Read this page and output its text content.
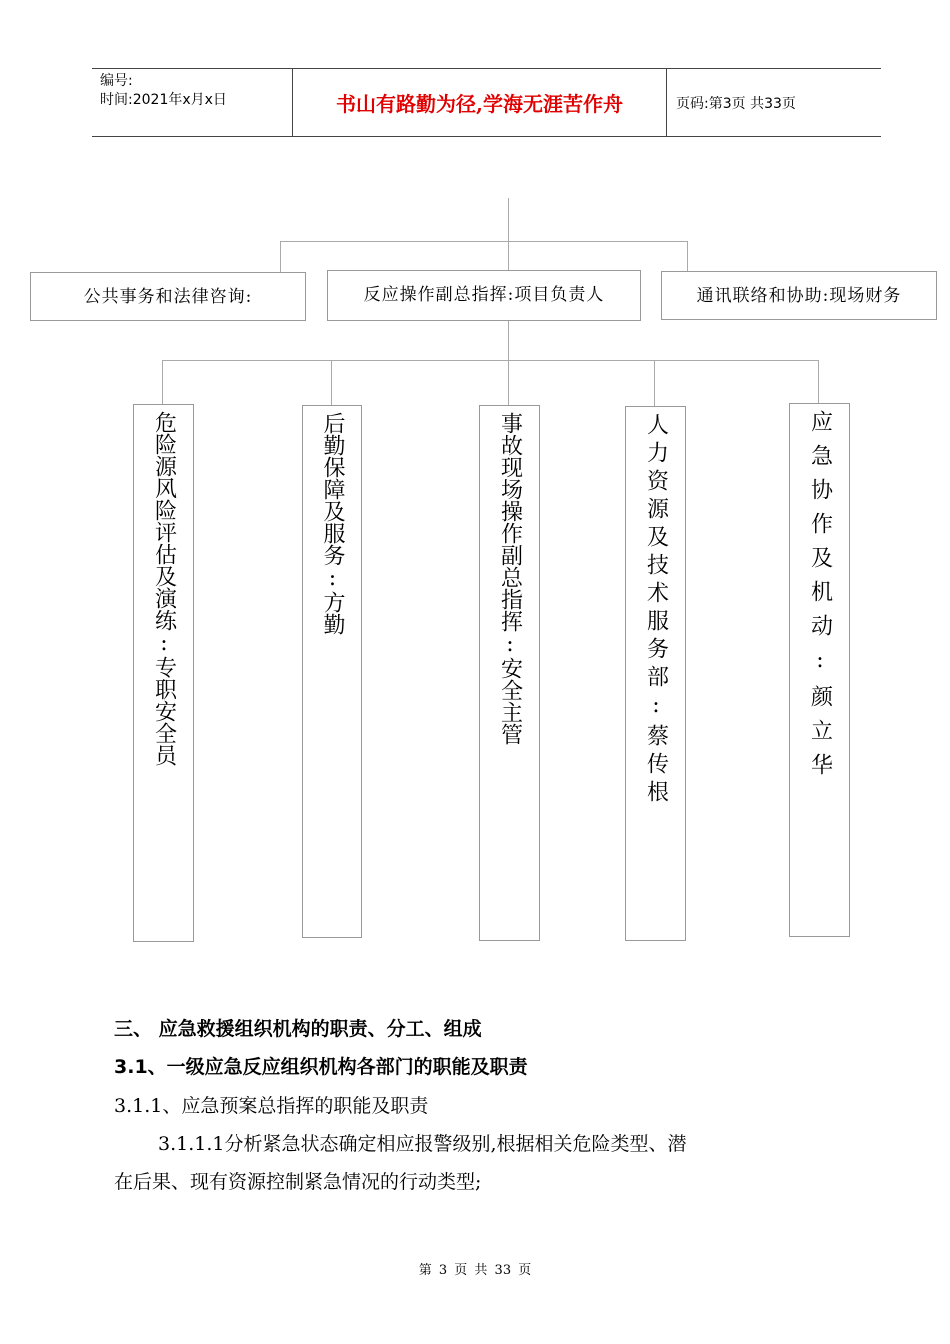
编号:
时间:2021年x月x日	书山有路勤为径,学海无涯苦作舟	页码:第3页 共33页
公共事务和法律咨询:	反应操作副总指挥:项目负责人	通讯联络和协助:现场财务
危险源风险评估及演练:专职安全员	后勤保障及服务:方勤	事故现场操作副总指挥:安全主管	人力资源及技术服务部:蔡传根	应急协作及机动:颜立华
三、 应急救援组织机构的职责、分工、组成
3.1、一级应急反应组织机构各部门的职能及职责
3.1.1、应急预案总指挥的职能及职责
3.1.1.1分析紧急状态确定相应报警级别,根据相关危险类型、潜
在后果、现有资源控制紧急情况的行动类型;
第 3 页 共 33 页
